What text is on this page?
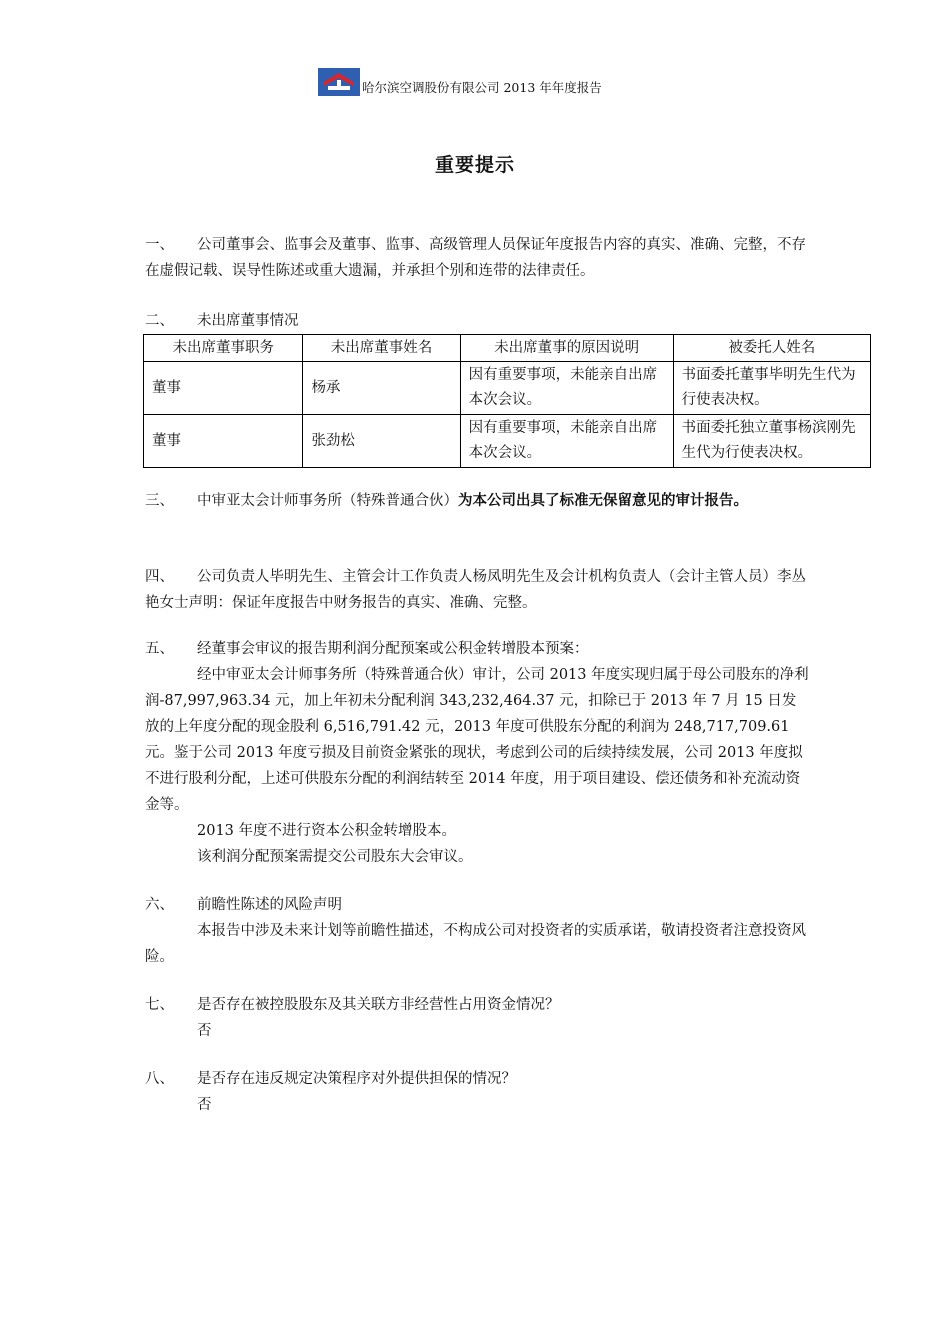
哈尔滨空调股份有限公司 2013 年年度报告
重要提示

一、 公司董事会、监事会及董事、监事、高级管理人员保证年度报告内容的真实、准确、完整，不存在虚假记载、误导性陈述或重大遗漏，并承担个别和连带的法律责任。

二、 未出席董事情况

未出席董事职务	未出席董事姓名	未出席董事的原因说明	被委托人姓名
董事	杨承	因有重要事项，未能亲自出席本次会议。	书面委托董事毕明先生代为行使表决权。
董事	张劲松	因有重要事项，未能亲自出席本次会议。	书面委托独立董事杨滨刚先生代为行使表决权。

三、 中审亚太会计师事务所（特殊普通合伙）为本公司出具了标准无保留意见的审计报告。

四、 公司负责人毕明先生、主管会计工作负责人杨凤明先生及会计机构负责人（会计主管人员）李丛艳女士声明：保证年度报告中财务报告的真实、准确、完整。

五、 经董事会审议的报告期利润分配预案或公积金转增股本预案：

经中审亚太会计师事务所（特殊普通合伙）审计，公司 2013 年度实现归属于母公司股东的净利润-87,997,963.34 元，加上年初未分配利润 343,232,464.37 元，扣除已于 2013 年 7 月 15 日发放的上年度分配的现金股利 6,516,791.42 元，2013 年度可供股东分配的利润为 248,717,709.61 元。鉴于公司 2013 年度亏损及目前资金紧张的现状，考虑到公司的后续持续发展，公司 2013 年度拟不进行股利分配，上述可供股东分配的利润结转至 2014 年度，用于项目建设、偿还债务和补充流动资金等。

2013 年度不进行资本公积金转增股本。

该利润分配预案需提交公司股东大会审议。

六、 前瞻性陈述的风险声明

本报告中涉及未来计划等前瞻性描述，不构成公司对投资者的实质承诺，敬请投资者注意投资风险。

七、 是否存在被控股股东及其关联方非经营性占用资金情况？

否

八、 是否存在违反规定决策程序对外提供担保的情况？

否
